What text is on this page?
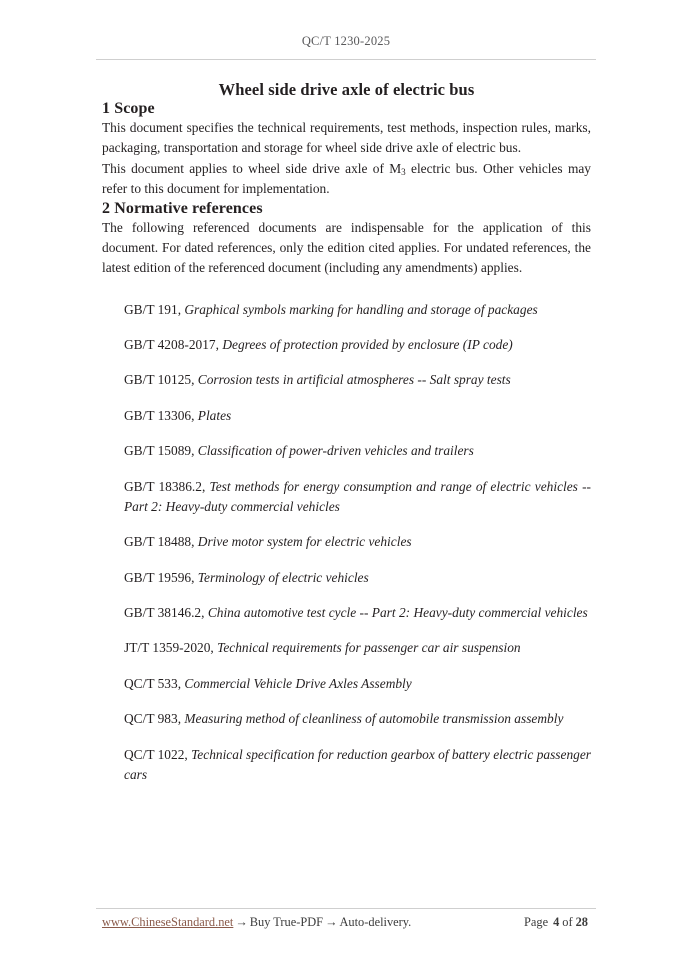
QC/T 1230-2025
Wheel side drive axle of electric bus
1 Scope

This document specifies the technical requirements, test methods, inspection rules, marks, packaging, transportation and storage for wheel side drive axle of electric bus.

This document applies to wheel side drive axle of $M_3$ electric bus. Other vehicles may refer to this document for implementation.

2 Normative references

The following referenced documents are indispensable for the application of this document. For dated references, only the edition cited applies. For undated references, the latest edition of the referenced document (including any amendments) applies.

GB/T 191, Graphical symbols marking for handling and storage of packages
GB/T 4208-2017, Degrees of protection provided by enclosure (IP code)
GB/T 10125, Corrosion tests in artificial atmospheres -- Salt spray tests
GB/T 13306, Plates
GB/T 15089, Classification of power-driven vehicles and trailers
GB/T 18386.2, Test methods for energy consumption and range of electric vehicles -- Part 2: Heavy-duty commercial vehicles
GB/T 18488, Drive motor system for electric vehicles
GB/T 19596, Terminology of electric vehicles
GB/T 38146.2, China automotive test cycle -- Part 2: Heavy-duty commercial vehicles
JT/T 1359-2020, Technical requirements for passenger car air suspension
QC/T 533, Commercial Vehicle Drive Axles Assembly
QC/T 983, Measuring method of cleanliness of automobile transmission assembly
QC/T 1022, Technical specification for reduction gearbox of battery electric passenger cars
www.ChineseStandard.net → Buy True-PDF → Auto-delivery.	Page 4 of 28
